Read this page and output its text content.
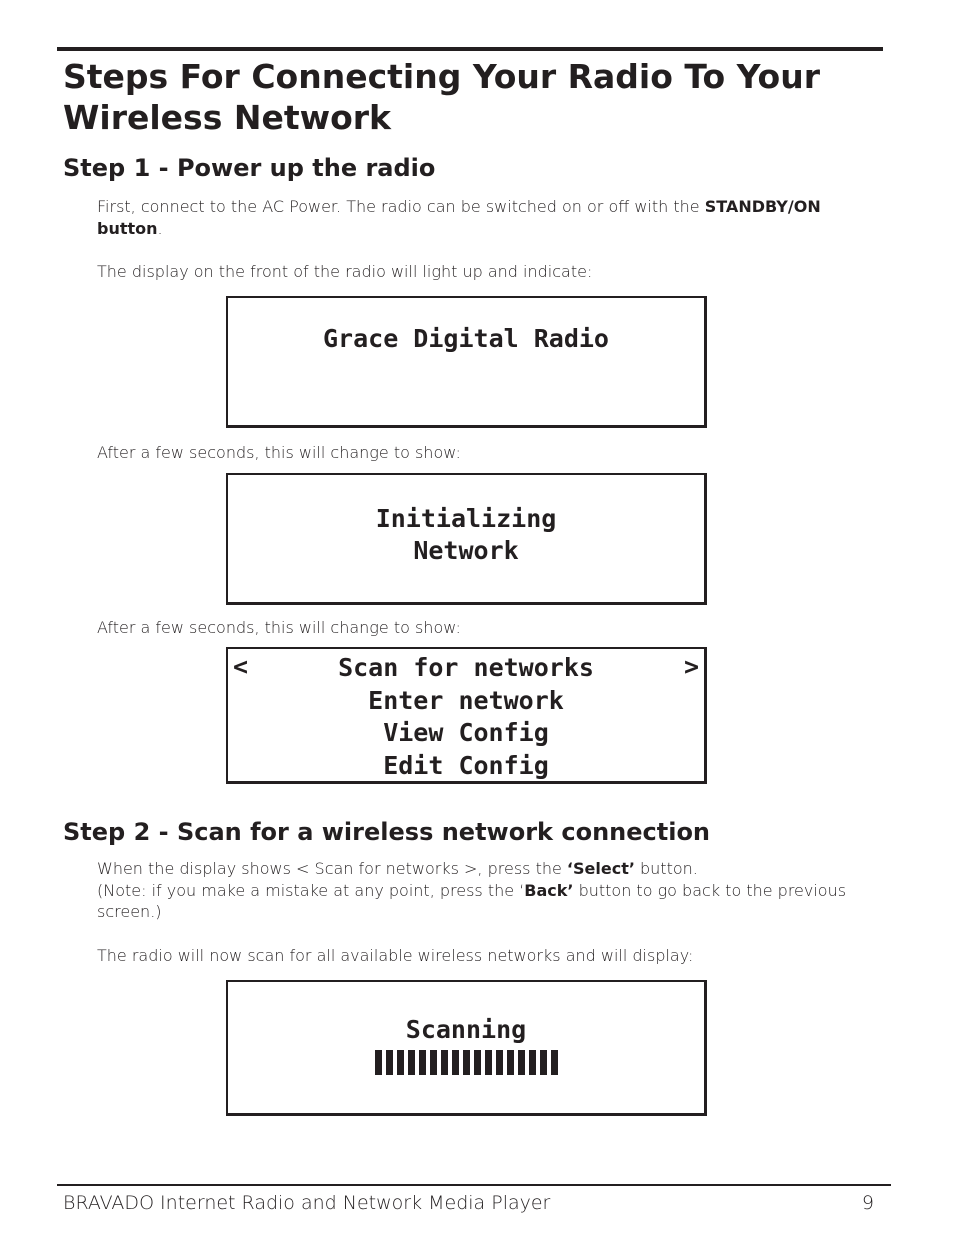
Steps For Connecting Your Radio To Your Wireless Network
Step 1 - Power up the radio

First, connect to the AC Power. The radio can be switched on or off with the STANDBY/ON button.

The display on the front of the radio will light up and indicate:

Grace Digital Radio

After a few seconds, this will change to show:

Initializing
Network

After a few seconds, this will change to show:

<	>
Scan for networks
Enter network
View Config
Edit Config
Step 2 - Scan for a wireless network connection

When the display shows < Scan for networks >, press the ‘Select’ button.
(Note: if you make a mistake at any point, press the ‘Back’ button to go back to the previous screen.)

The radio will now scan for all available wireless networks and will display:

Scanning
BRAVADO Internet Radio and Network Media Player	9
